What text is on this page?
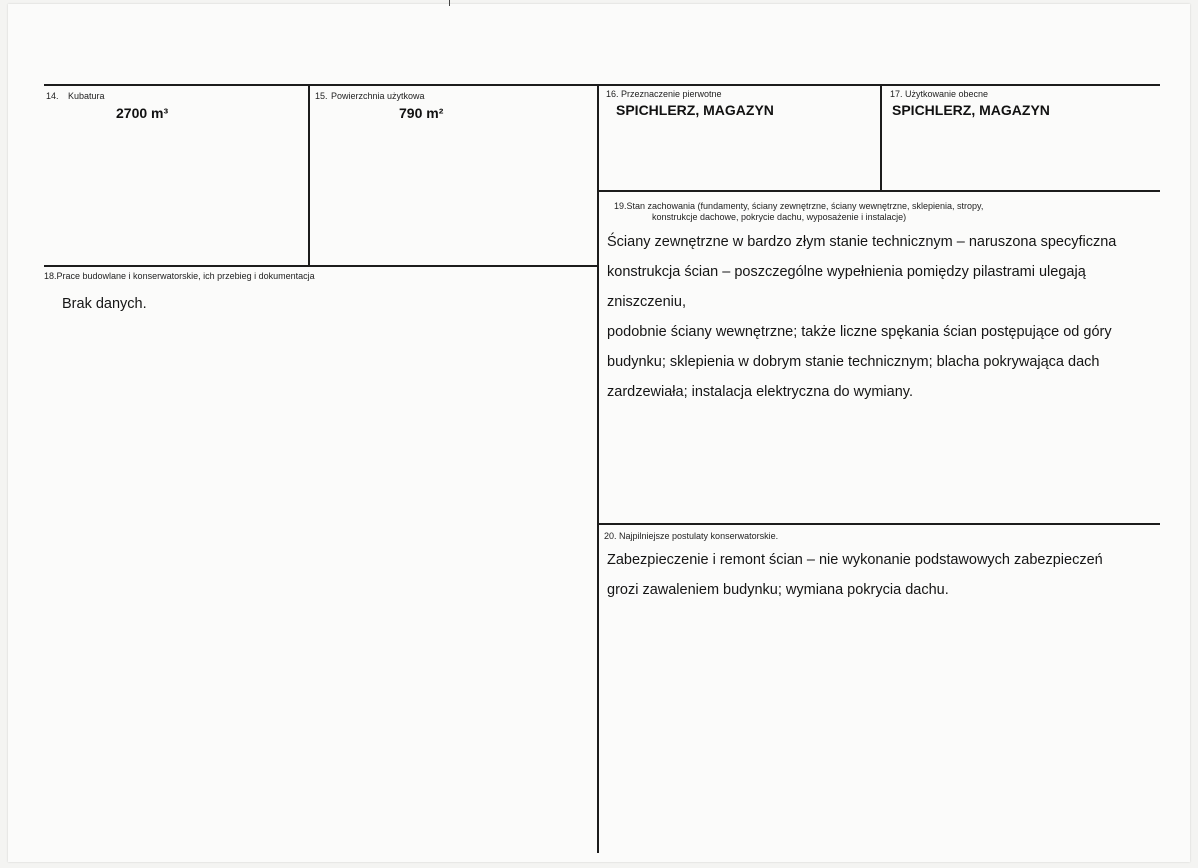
14. Kubatura
2700 m³
15. Powierzchnia użytkowa
790 m²
16. Przeznaczenie pierwotne
SPICHLERZ, MAGAZYN
17. Użytkowanie obecne
SPICHLERZ, MAGAZYN
18.Prace budowlane i konserwatorskie, ich przebieg i dokumentacja
Brak danych.
19.Stan zachowania (fundamenty, ściany zewnętrzne, ściany wewnętrzne, sklepienia, stropy,
konstrukcje dachowe, pokrycie dachu, wyposażenie i instalacje)
Ściany zewnętrzne w bardzo złym stanie technicznym – naruszona specyficzna
konstrukcja ścian – poszczególne wypełnienia pomiędzy pilastrami ulegają zniszczeniu,
podobnie ściany wewnętrzne; także liczne spękania ścian postępujące od góry
budynku; sklepienia w dobrym stanie technicznym; blacha pokrywająca dach
zardzewiała; instalacja elektryczna do wymiany.
20. Najpilniejsze postulaty konserwatorskie.
Zabezpieczenie i remont ścian – nie wykonanie podstawowych zabezpieczeń
grozi zawaleniem budynku; wymiana pokrycia dachu.
